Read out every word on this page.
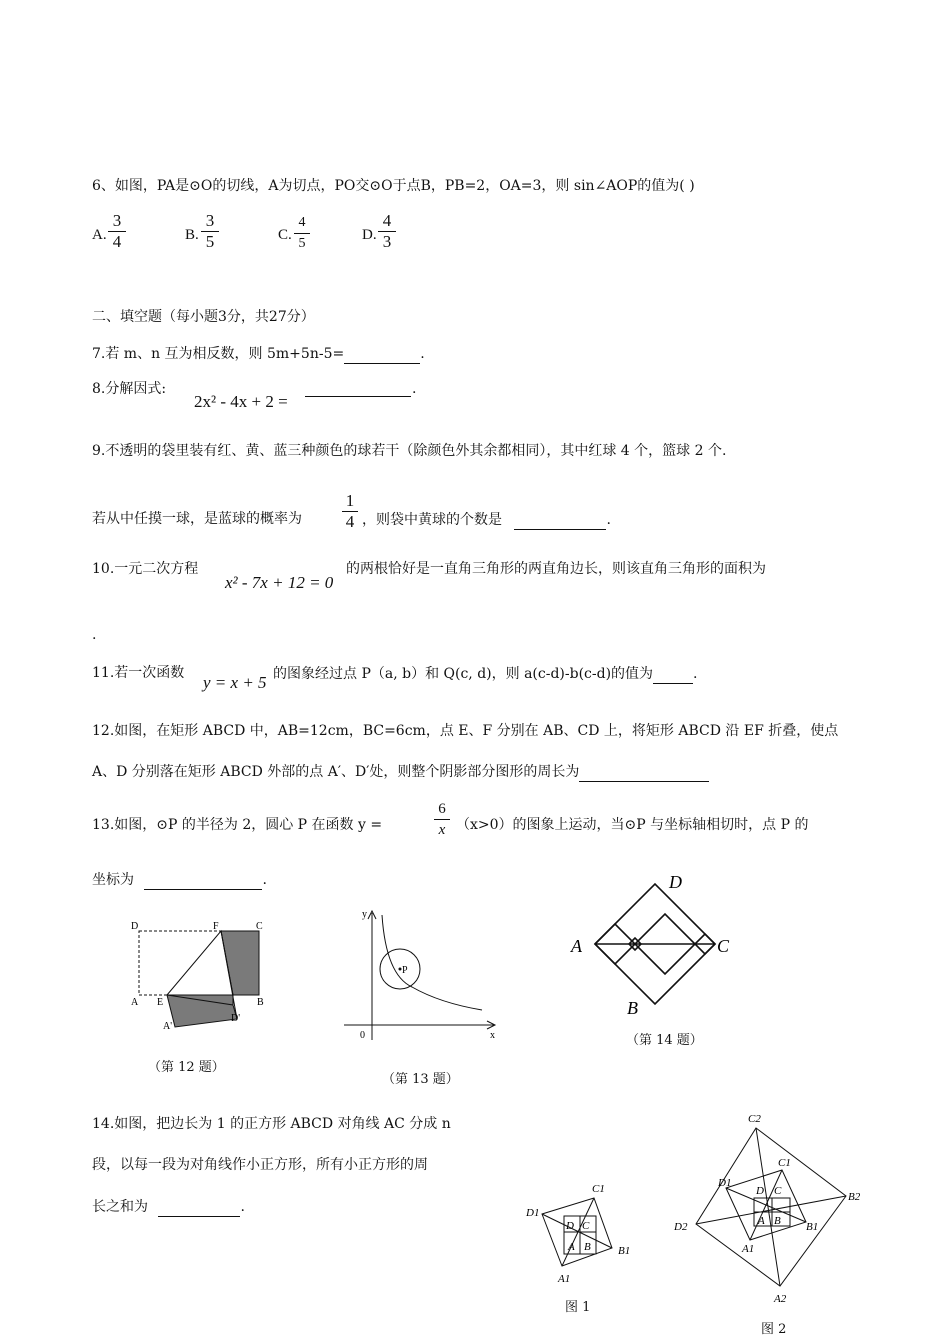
6、如图，PA是⊙O的切线，A为切点，PO交⊙O于点B，PB=2，OA=3，则 sin∠AOP的值为( )
A.
3
4	B.
3
5	C.
4
5
D.
4
3
二、填空题（每小题3分，共27分）
7.若 m、n 互为相反数，则 5m+5n-5=	.
8.分解因式:
2x² - 4x + 2 =
.
9.不透明的袋里装有红、黄、蓝三种颜色的球若干（除颜色外其余都相同），其中红球 4 个，篮球 2 个.
若从中任摸一球，是蓝球的概率为
1
4 ，则袋中黄球的个数是	.
10.一元二次方程
x² - 7x + 12 = 0
的两根恰好是一直角三角形的两直角边长，则该直角三角形的面积为
.
11.若一次函数 y = x + 5 的图象经过点 P（a, b）和 Q(c, d)，则 a(c-d)-b(c-d)的值为	.
12.如图，在矩形 ABCD 中，AB=12cm，BC=6cm，点 E、F 分别在 AB、CD 上，将矩形 ABCD 沿 EF 折叠，使点
A、D 分别落在矩形 ABCD 外部的点 A′、D′处，则整个阴影部分图形的周长为
13.如图，⊙P 的半径为 2，圆心 P 在函数 y =
6
x （x>0）的图象上运动，当⊙P 与坐标轴相切时，点 P 的
坐标为	.
D	F	C
A E	B
A'
D'
（第 12 题）
y
P
0	x
（第 13 题）
D
A	C
B
（第 14 题）
14.如图，把边长为 1 的正方形 ABCD 对角线 AC 分成 n
段，以每一段为对角线作小正方形，所有小正方形的周
长之和为	.
C1
D1
D C
A B B1
A1
图 1
C2
C1
D1
D C	B2
A B B1
D2
A1
A2
图 2
